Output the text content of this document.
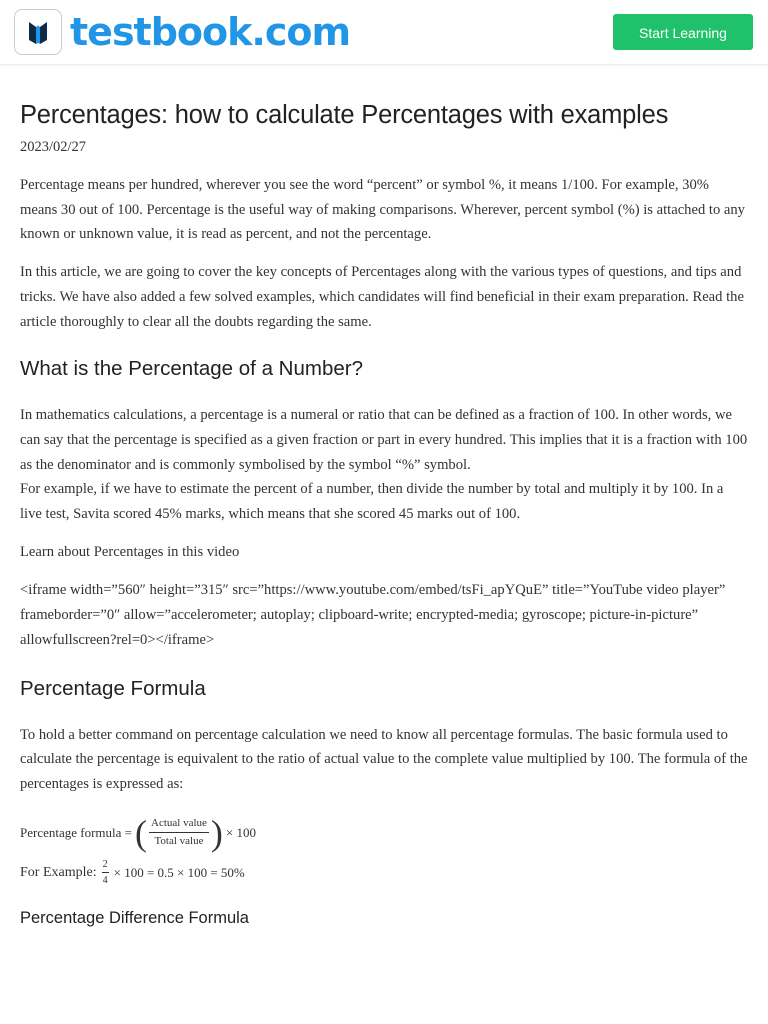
testbook.com	Start Learning
Percentages: how to calculate Percentages with examples
2023/02/27

Percentage means per hundred, wherever you see the word “percent” or symbol %, it means 1/100. For example, 30% means 30 out of 100. Percentage is the useful way of making comparisons. Wherever, percent symbol (%) is attached to any known or unknown value, it is read as percent, and not the percentage.

In this article, we are going to cover the key concepts of Percentages along with the various types of questions, and tips and tricks. We have also added a few solved examples, which candidates will find beneficial in their exam preparation. Read the article thoroughly to clear all the doubts regarding the same.

What is the Percentage of a Number?

In mathematics calculations, a percentage is a numeral or ratio that can be defined as a fraction of 100. In other words, we can say that the percentage is specified as a given fraction or part in every hundred. This implies that it is a fraction with 100 as the denominator and is commonly symbolised by the symbol “%” symbol.

For example, if we have to estimate the percent of a number, then divide the number by total and multiply it by 100. In a live test, Savita scored 45% marks, which means that she scored 45 marks out of 100.

Learn about Percentages in this video

<iframe width=”560″ height=”315″ src=”https://www.youtube.com/embed/tsFi_apYQuE” title=”YouTube video player” frameborder=”0″ allow=”accelerometer; autoplay; clipboard-write; encrypted-media; gyroscope; picture-in-picture” allowfullscreen?rel=0></iframe>

Percentage Formula

To hold a better command on percentage calculation we need to know all percentage formulas. The basic formula used to calculate the percentage is equivalent to the ratio of actual value to the complete value multiplied by 100. The formula of the percentages is expressed as:

Percentage formula = ( $\frac{\text{Actual value}}{\text{Total value}}$ ) × 100
For Example: $\frac{2}{4} \times 100 = 0.5 \times 100 = 50\%$
Percentage Difference Formula
